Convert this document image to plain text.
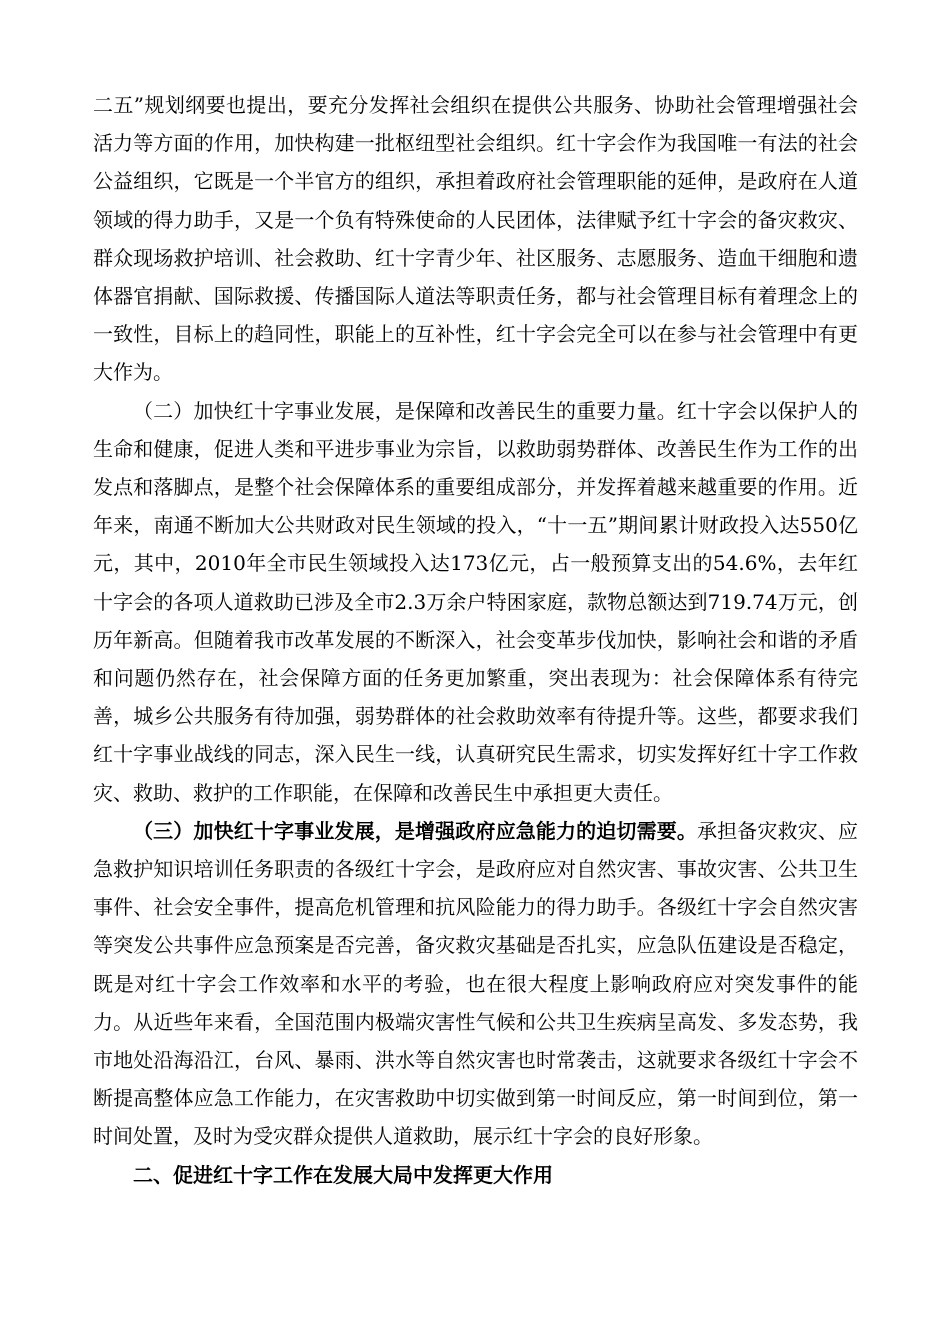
二五”规划纲要也提出，要充分发挥社会组织在提供公共服务、协助社会管理增强社会活力等方面的作用，加快构建一批枢纽型社会组织。红十字会作为我国唯一有法的社会公益组织，它既是一个半官方的组织，承担着政府社会管理职能的延伸，是政府在人道领域的得力助手，又是一个负有特殊使命的人民团体，法律赋予红十字会的备灾救灾、群众现场救护培训、社会救助、红十字青少年、社区服务、志愿服务、造血干细胞和遗体器官捐献、国际救援、传播国际人道法等职责任务，都与社会管理目标有着理念上的一致性，目标上的趋同性，职能上的互补性，红十字会完全可以在参与社会管理中有更大作为。

（二）加快红十字事业发展，是保障和改善民生的重要力量。红十字会以保护人的生命和健康，促进人类和平进步事业为宗旨，以救助弱势群体、改善民生作为工作的出发点和落脚点，是整个社会保障体系的重要组成部分，并发挥着越来越重要的作用。近年来，南通不断加大公共财政对民生领域的投入，“十一五”期间累计财政投入达550亿元，其中，2010年全市民生领域投入达173亿元，占一般预算支出的54.6%，去年红十字会的各项人道救助已涉及全市2.3万余户特困家庭，款物总额达到719.74万元，创历年新高。但随着我市改革发展的不断深入，社会变革步伐加快，影响社会和谐的矛盾和问题仍然存在，社会保障方面的任务更加繁重，突出表现为：社会保障体系有待完善，城乡公共服务有待加强，弱势群体的社会救助效率有待提升等。这些，都要求我们红十字事业战线的同志，深入民生一线，认真研究民生需求，切实发挥好红十字工作救灾、救助、救护的工作职能，在保障和改善民生中承担更大责任。

（三）加快红十字事业发展，是增强政府应急能力的迫切需要。承担备灾救灾、应急救护知识培训任务职责的各级红十字会，是政府应对自然灾害、事故灾害、公共卫生事件、社会安全事件，提高危机管理和抗风险能力的得力助手。各级红十字会自然灾害等突发公共事件应急预案是否完善，备灾救灾基础是否扎实，应急队伍建设是否稳定，既是对红十字会工作效率和水平的考验，也在很大程度上影响政府应对突发事件的能力。从近些年来看，全国范围内极端灾害性气候和公共卫生疾病呈高发、多发态势，我市地处沿海沿江，台风、暴雨、洪水等自然灾害也时常袭击，这就要求各级红十字会不断提高整体应急工作能力，在灾害救助中切实做到第一时间反应，第一时间到位，第一时间处置，及时为受灾群众提供人道救助，展示红十字会的良好形象。

二、促进红十字工作在发展大局中发挥更大作用
